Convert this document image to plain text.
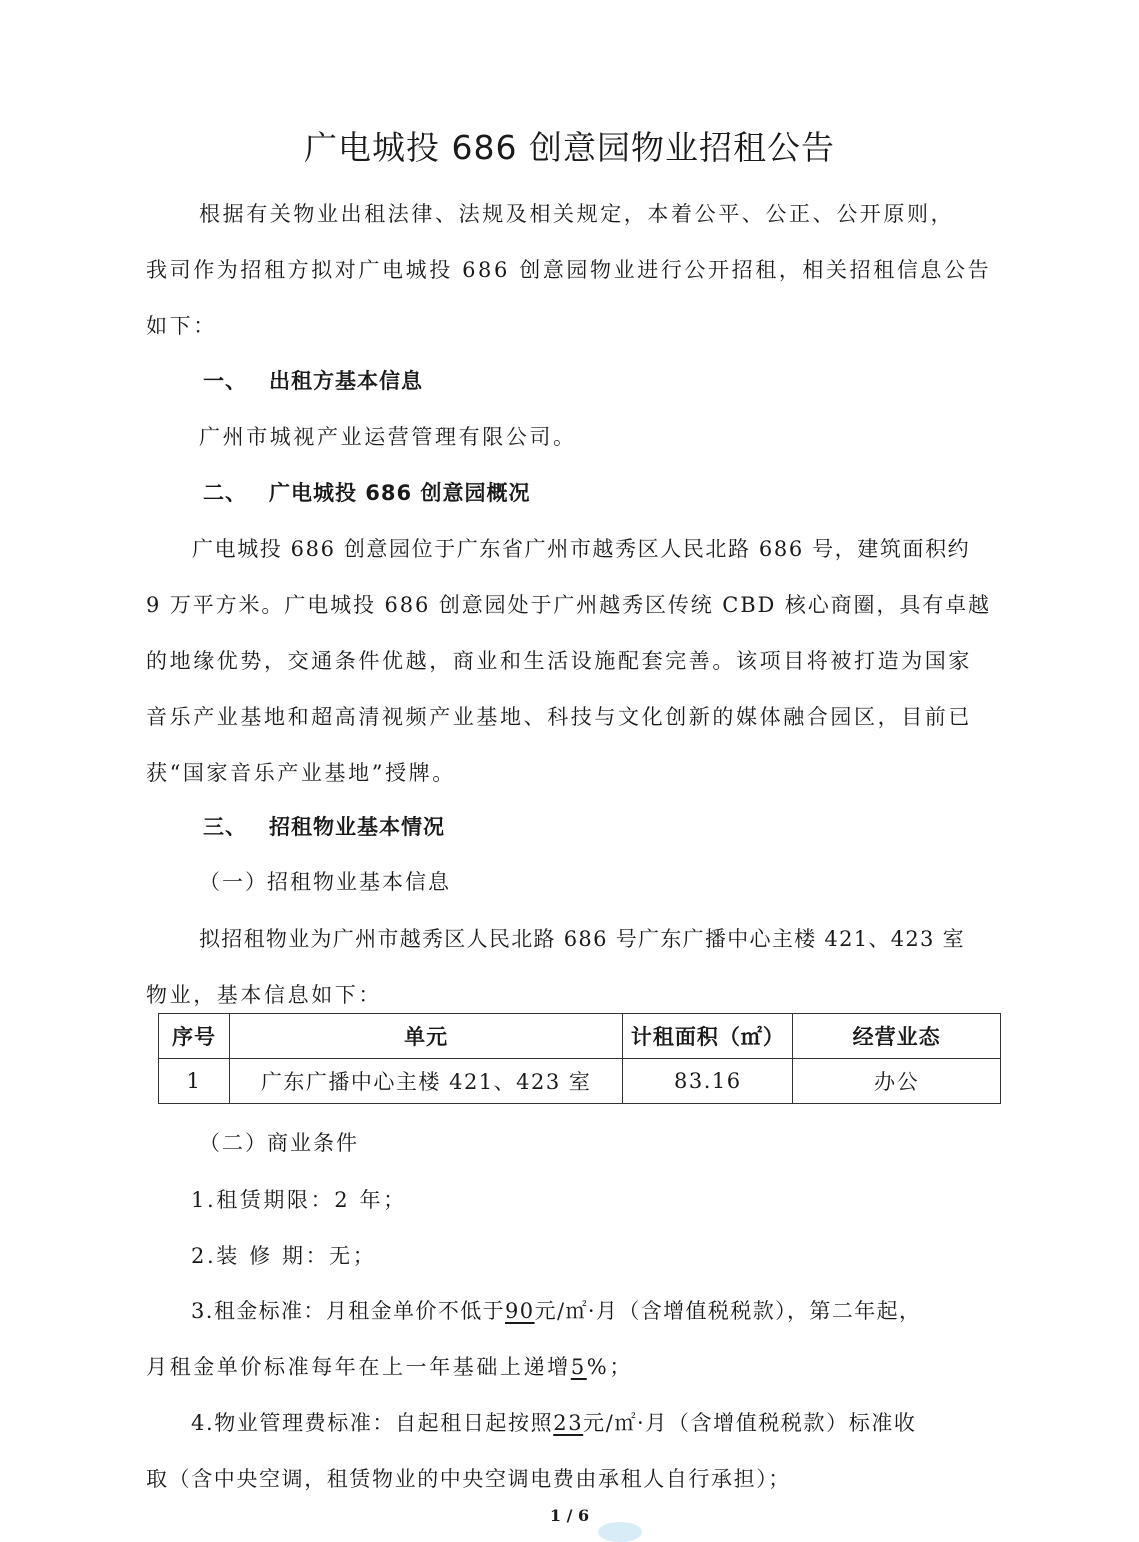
广电城投 686 创意园物业招租公告

根据有关物业出租法律、法规及相关规定，本着公平、公正、公开原则，

我司作为招租方拟对广电城投 686 创意园物业进行公开招租，相关招租信息公告

如下：

一、 出租方基本信息

广州市城视产业运营管理有限公司。

二、 广电城投 686 创意园概况

广电城投 686 创意园位于广东省广州市越秀区人民北路 686 号，建筑面积约

9 万平方米。广电城投 686 创意园处于广州越秀区传统 CBD 核心商圈，具有卓越

的地缘优势，交通条件优越，商业和生活设施配套完善。该项目将被打造为国家

音乐产业基地和超高清视频产业基地、科技与文化创新的媒体融合园区，目前已

获“国家音乐产业基地”授牌。

三、 招租物业基本情况
（一）招租物业基本信息

拟招租物业为广州市越秀区人民北路 686 号广东广播中心主楼 421、423 室

物业，基本信息如下：

序号	单元	计租面积（㎡）	经营业态
1	广东广播中心主楼 421、423 室	83.16	办公
（二）商业条件

1.租赁期限：2 年；

2.装 修 期：无；

3.租金标准：月租金单价不低于90元/㎡·月（含增值税税款），第二年起，

月租金单价标准每年在上一年基础上递增5%；

4.物业管理费标准：自起租日起按照23元/㎡·月（含增值税税款）标准收

取（含中央空调，租赁物业的中央空调电费由承租人自行承担）；

1 / 6
